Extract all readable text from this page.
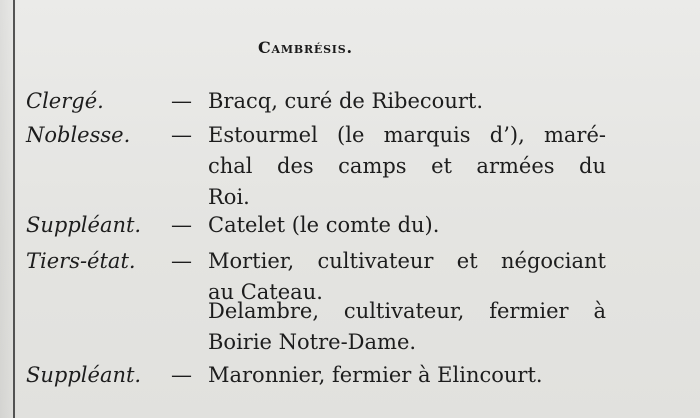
Cambrésis.
Clergé.	— Bracq, curé de Ribecourt.
Noblesse. — Estourmel (le marquis d’), maré-
chal des camps et armées du
Roi.
Suppléant. — Catelet (le comte du).
Tiers-état. — Mortier, cultivateur et négociant
au Cateau.
Delambre, cultivateur, fermier à
Boirie Notre-Dame.
Suppléant. — Maronnier, fermier à Elincourt.
